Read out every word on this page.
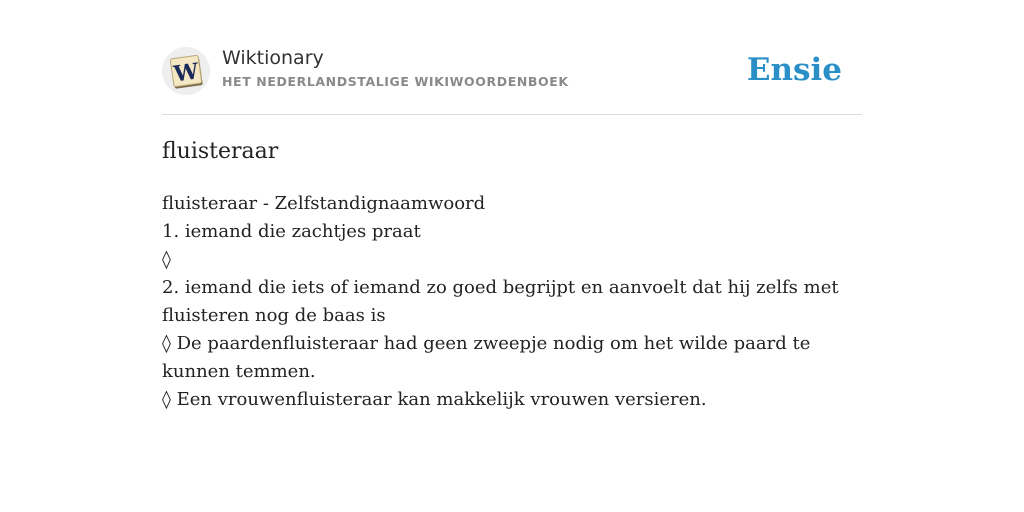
W
Wiktionary
HET NEDERLANDSTALIGE WIKIWOORDENBOEK	Ensie
fluisteraar

fluisteraar - Zelfstandignaamwoord

1. iemand die zachtjes praat

◊

2. iemand die iets of iemand zo goed begrijpt en aanvoelt dat hij zelfs met fluisteren nog de baas is

◊ De paardenfluisteraar had geen zweepje nodig om het wilde paard te kunnen temmen.

◊ Een vrouwenfluisteraar kan makkelijk vrouwen versieren.
